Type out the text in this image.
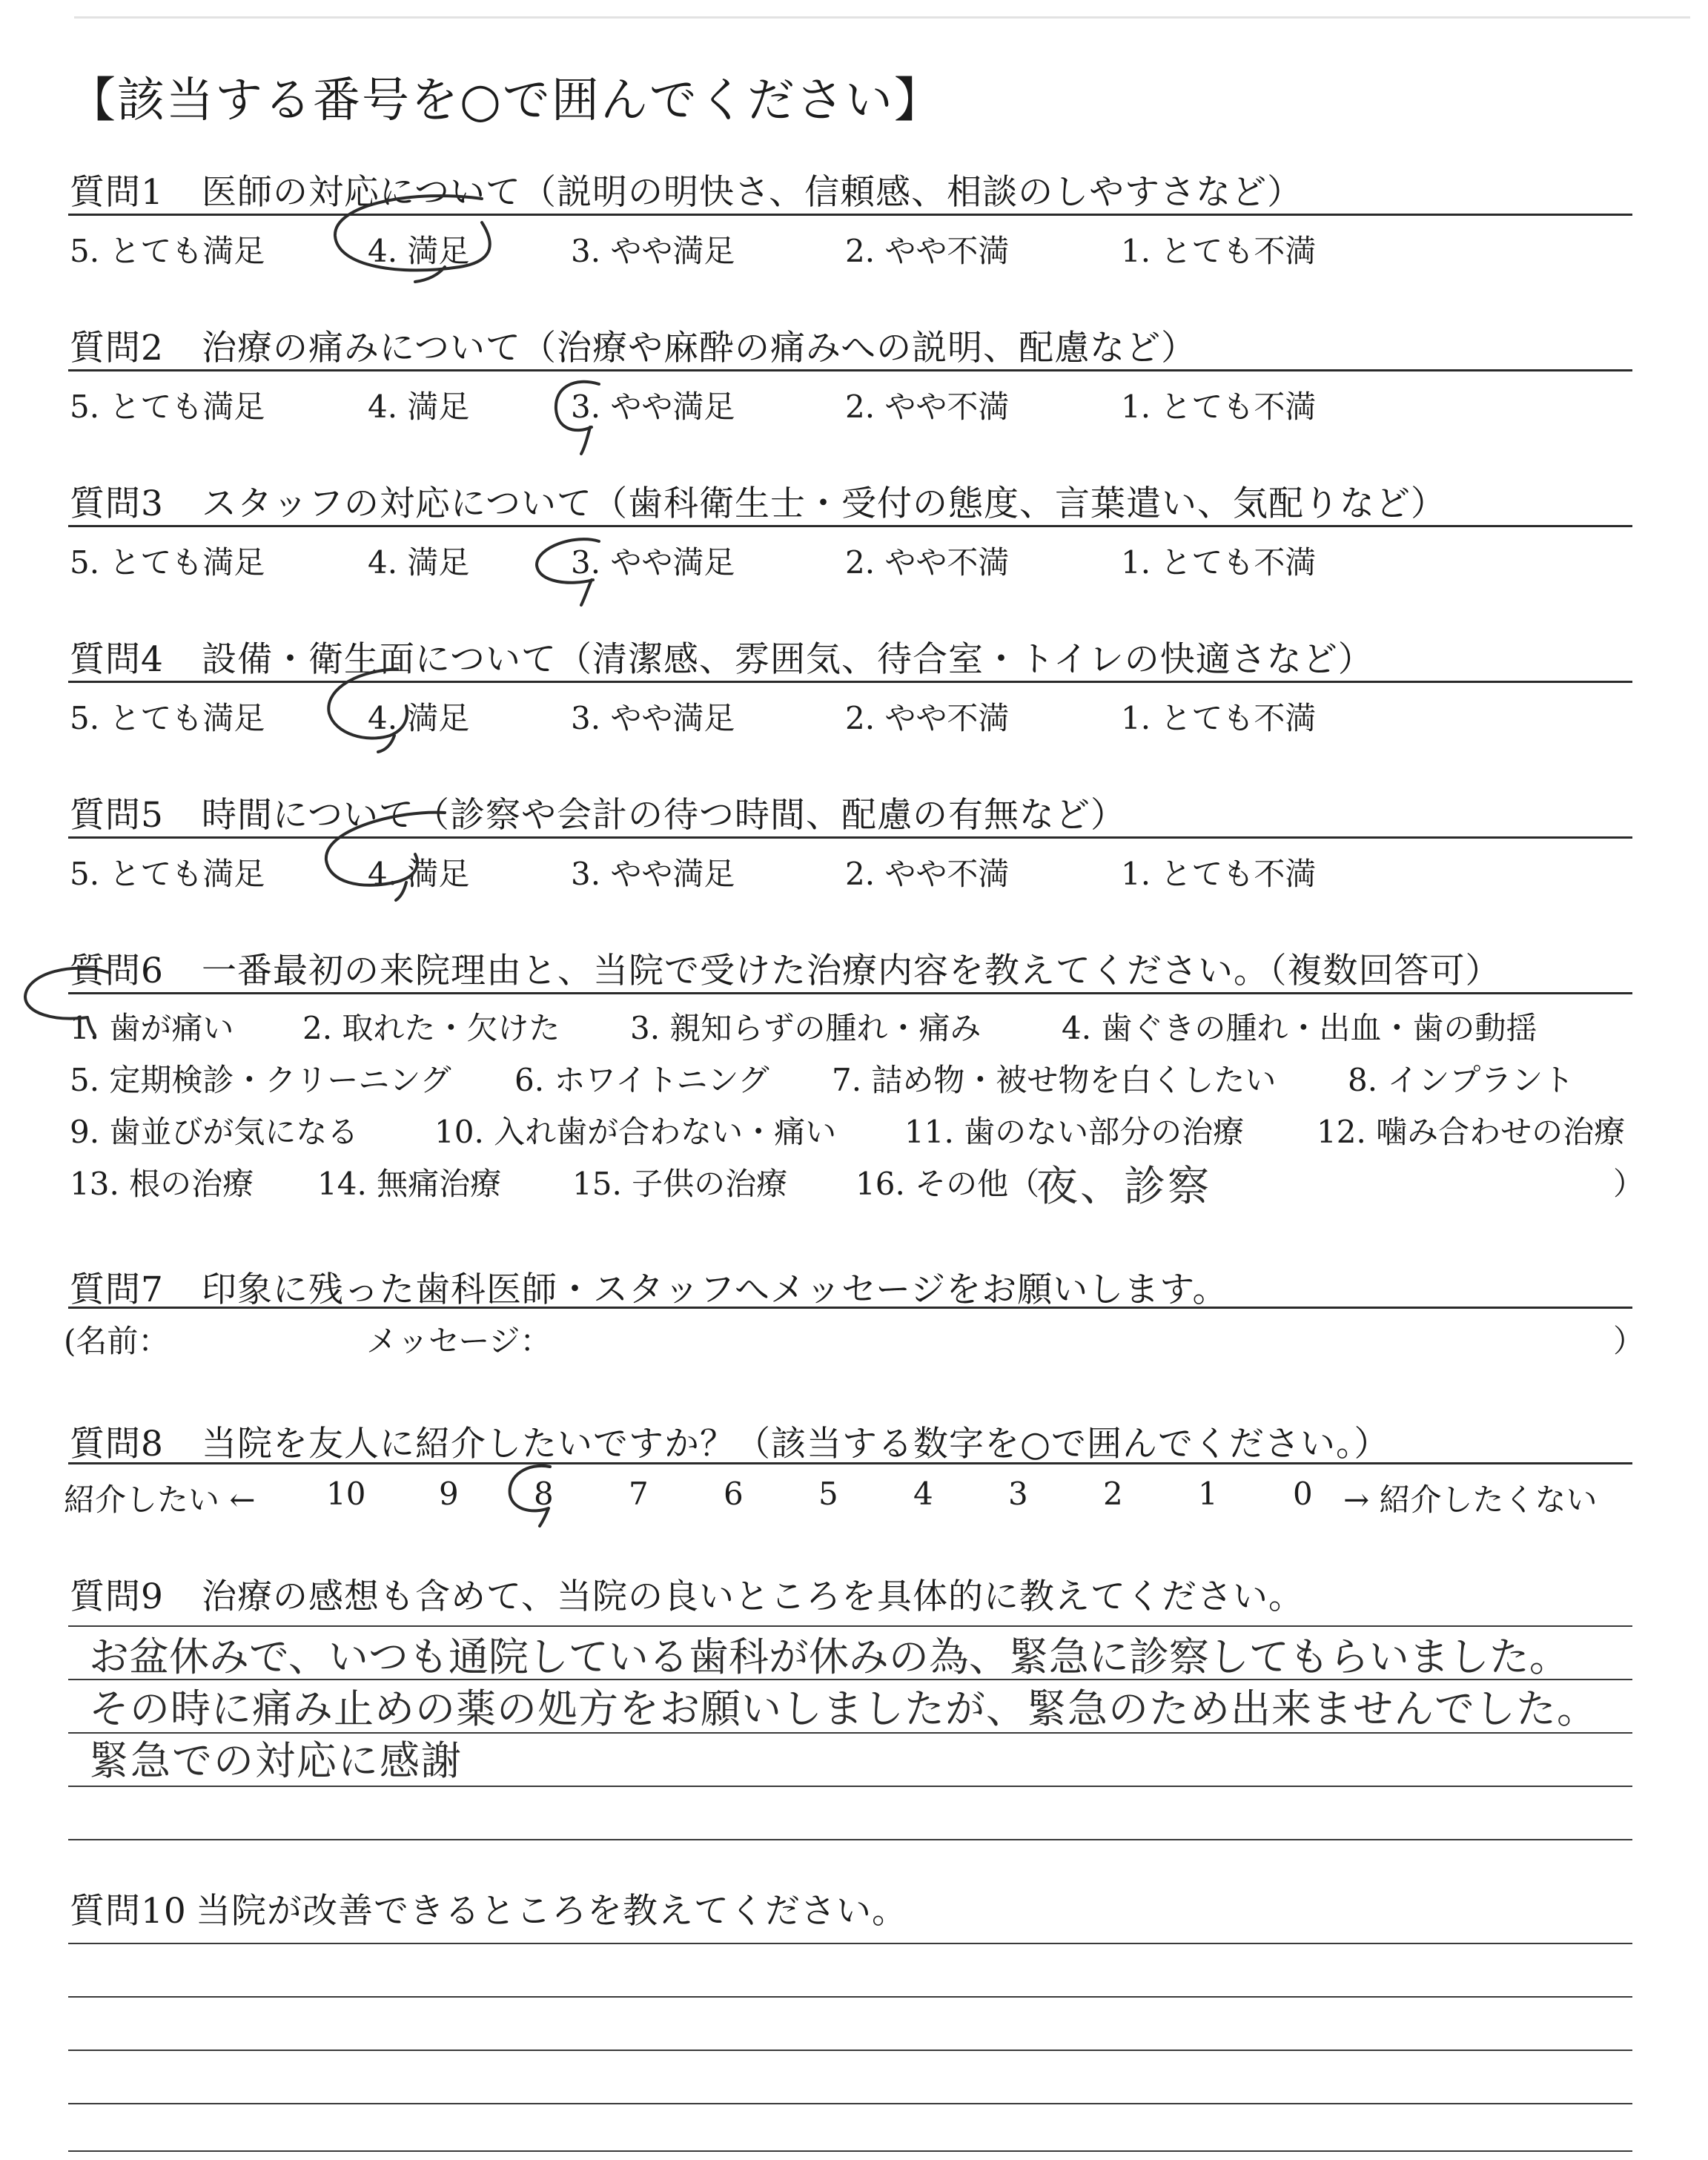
【該当する番号を○で囲んでください】
質問1 医師の対応について（説明の明快さ、信頼感、相談のしやすさなど）
5. とても満足	4. 満足	3. やや満足	2. やや不満	1. とても不満
質問2 治療の痛みについて（治療や麻酔の痛みへの説明、配慮など）
5. とても満足	4. 満足	3. やや満足	2. やや不満	1. とても不満
質問3 スタッフの対応について（歯科衛生士・受付の態度、言葉遣い、気配りなど）
5. とても満足	4. 満足	3. やや満足	2. やや不満	1. とても不満
質問4 設備・衛生面について（清潔感、雰囲気、待合室・トイレの快適さなど）
5. とても満足	4. 満足	3. やや満足	2. やや不満	1. とても不満
質問5 時間について（診察や会計の待つ時間、配慮の有無など）
5. とても満足	4. 満足	3. やや満足	2. やや不満	1. とても不満
質問6 一番最初の来院理由と、当院で受けた治療内容を教えてください。（複数回答可）
1. 歯が痛い 2. 取れた・欠けた 3. 親知らずの腫れ・痛み	4. 歯ぐきの腫れ・出血・歯の動揺
5. 定期検診・クリーニング 6. ホワイトニング 7. 詰め物・被せ物を白くしたい 8. インプラント
9. 歯並びが気になる 10. 入れ歯が合わない・痛い 11. 歯のない部分の治療 12. 噛み合わせの治療
13. 根の治療 14. 無痛治療 15. 子供の治療 16. その他（
夜、診察	）
質問7 印象に残った歯科医師・スタッフへメッセージをお願いします。
(名前：	メッセージ：	）
質問8 当院を友人に紹介したいですか？（該当する数字を○で囲んでください。）
紹介したい ← 10 9 8 7 6 5 4 3 2 1 0 → 紹介したくない
質問9 治療の感想も含めて、当院の良いところを具体的に教えてください。
お盆休みで、いつも通院している歯科が休みの為、緊急に診察してもらいました。
その時に痛み止めの薬の処方をお願いしましたが、緊急のため出来ませんでした。
緊急での対応に感謝
質問10 当院が改善できるところを教えてください。
